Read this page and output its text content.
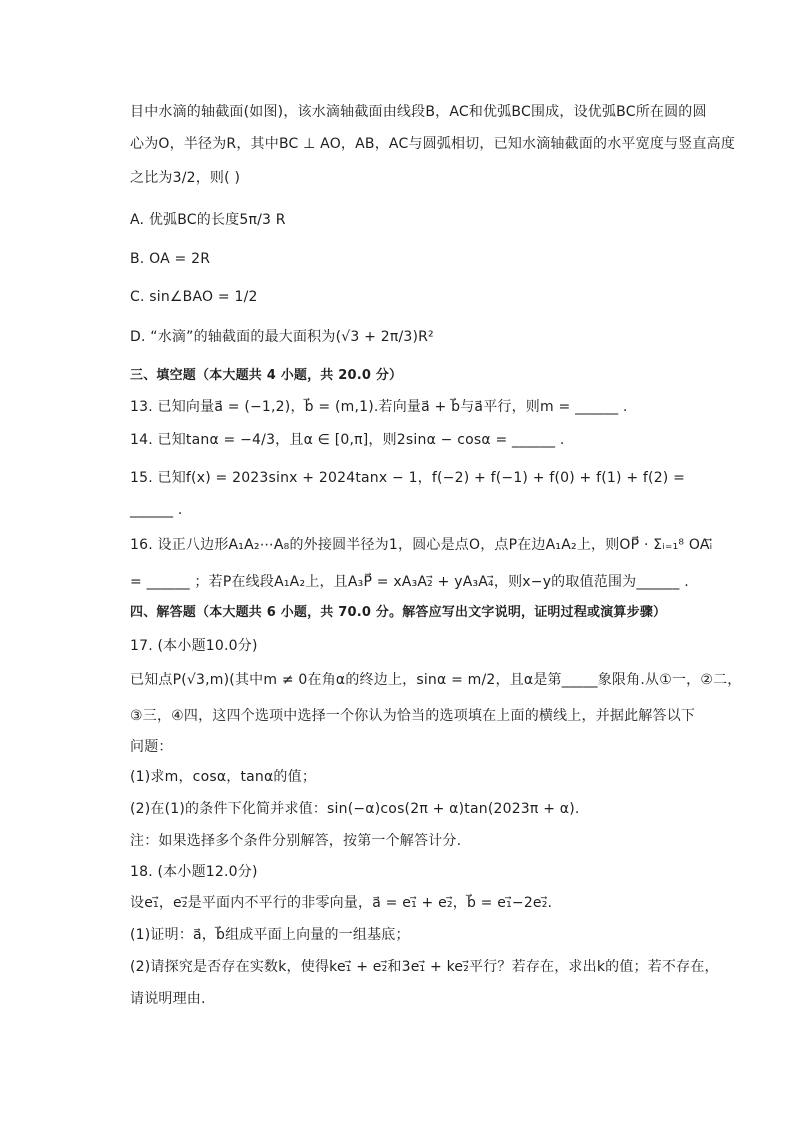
目中水滴的轴截面(如图)，该水滴轴截面由线段B，AC和优弧BC围成，设优弧BC所在圆的圆
心为O，半径为R，其中BC ⊥ AO，AB，AC与圆弧相切，已知水滴轴截面的水平宽度与竖直高度
之比为3/2，则( )
A. 优弧BC的长度5π/3 R
B. OA = 2R
C. sin∠BAO = 1/2
D. “水滴”的轴截面的最大面积为(√3 + 2π/3)R²
三、填空题（本大题共 4 小题，共 20.0 分）
13. 已知向量a⃗ = (−1,2)，b⃗ = (m,1).若向量a⃗ + b⃗与a⃗平行，则m = ______ .
14. 已知tanα = −4/3，且α ∈ [0,π]，则2sinα − cosα = ______ .
15. 已知f(x) = 2023sinx + 2024tanx − 1，f(−2) + f(−1) + f(0) + f(1) + f(2) =
______ .
16. 设正八边形A₁A₂⋯A₈的外接圆半径为1，圆心是点O，点P在边A₁A₂上，则OP⃗ · Σᵢ₌₁⁸ OAᵢ⃗
= ______ ；若P在线段A₁A₂上，且A₃P⃗ = xA₃A₂⃗ + yA₃A₄⃗，则x−y的取值范围为______ .
四、解答题（本大题共 6 小题，共 70.0 分。解答应写出文字说明，证明过程或演算步骤）
17. (本小题10.0分)
已知点P(√3,m)(其中m ≠ 0在角α的终边上，sinα = m/2，且α是第_____象限角.从①一，②二，
③三，④四，这四个选项中选择一个你认为恰当的选项填在上面的横线上，并据此解答以下
问题：
(1)求m，cosα，tanα的值；
(2)在(1)的条件下化简并求值：sin(−α)cos(2π + α)tan(2023π + α).
注：如果选择多个条件分别解答，按第一个解答计分.
18. (本小题12.0分)
设e₁⃗，e₂⃗是平面内不平行的非零向量，a⃗ = e₁⃗ + e₂⃗，b⃗ = e₁⃗−2e₂⃗.
(1)证明：a⃗，b⃗组成平面上向量的一组基底；
(2)请探究是否存在实数k，使得ke₁⃗ + e₂⃗和3e₁⃗ + ke₂⃗平行？若存在，求出k的值；若不存在，
请说明理由.
